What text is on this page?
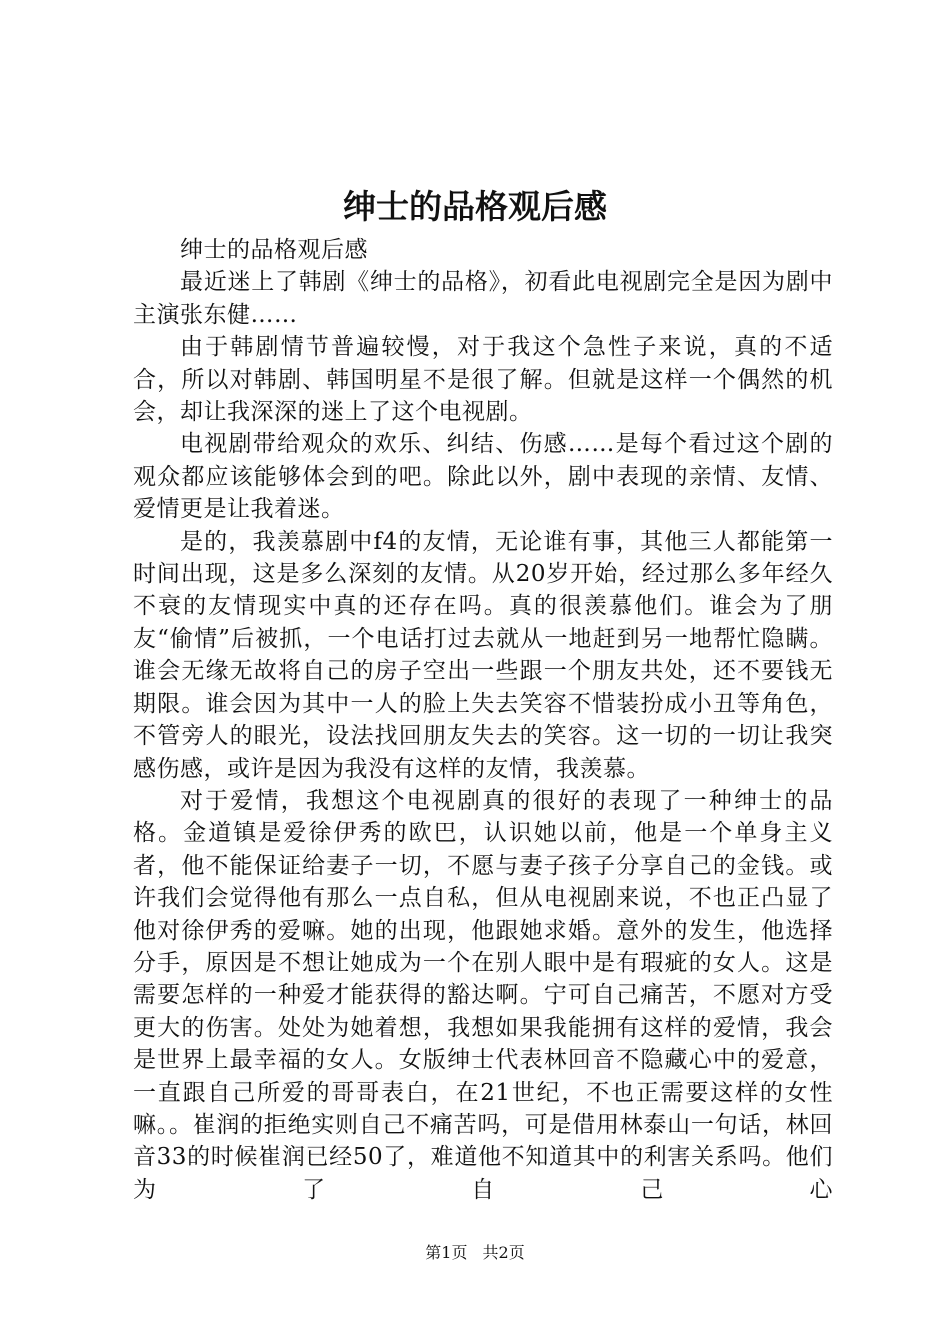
绅士的品格观后感

绅士的品格观后感

最近迷上了韩剧《绅士的品格》，初看此电视剧完全是因为剧中主演张东健……

由于韩剧情节普遍较慢，对于我这个急性子来说，真的不适合，所以对韩剧、韩国明星不是很了解。但就是这样一个偶然的机会，却让我深深的迷上了这个电视剧。

电视剧带给观众的欢乐、纠结、伤感……是每个看过这个剧的观众都应该能够体会到的吧。除此以外，剧中表现的亲情、友情、爱情更是让我着迷。

是的，我羡慕剧中f4的友情，无论谁有事，其他三人都能第一时间出现，这是多么深刻的友情。从20岁开始，经过那么多年经久不衰的友情现实中真的还存在吗。真的很羡慕他们。谁会为了朋友“偷情”后被抓，一个电话打过去就从一地赶到另一地帮忙隐瞒。谁会无缘无故将自己的房子空出一些跟一个朋友共处，还不要钱无期限。谁会因为其中一人的脸上失去笑容不惜装扮成小丑等角色，不管旁人的眼光，设法找回朋友失去的笑容。这一切的一切让我突感伤感，或许是因为我没有这样的友情，我羡慕。

对于爱情，我想这个电视剧真的很好的表现了一种绅士的品格。金道镇是爱徐伊秀的欧巴，认识她以前，他是一个单身主义者，他不能保证给妻子一切，不愿与妻子孩子分享自己的金钱。或许我们会觉得他有那么一点自私，但从电视剧来说，不也正凸显了他对徐伊秀的爱嘛。她的出现，他跟她求婚。意外的发生，他选择分手，原因是不想让她成为一个在别人眼中是有瑕疵的女人。这是需要怎样的一种爱才能获得的豁达啊。宁可自己痛苦，不愿对方受更大的伤害。处处为她着想，我想如果我能拥有这样的爱情，我会是世界上最幸福的女人。女版绅士代表林回音不隐藏心中的爱意，一直跟自己所爱的哥哥表白，在21世纪，不也正需要这样的女性嘛。。崔润的拒绝实则自己不痛苦吗，可是借用林泰山一句话，林回音33的时候崔润已经50了，难道他不知道其中的利害关系吗。他们为了自己心

第1页 共2页
